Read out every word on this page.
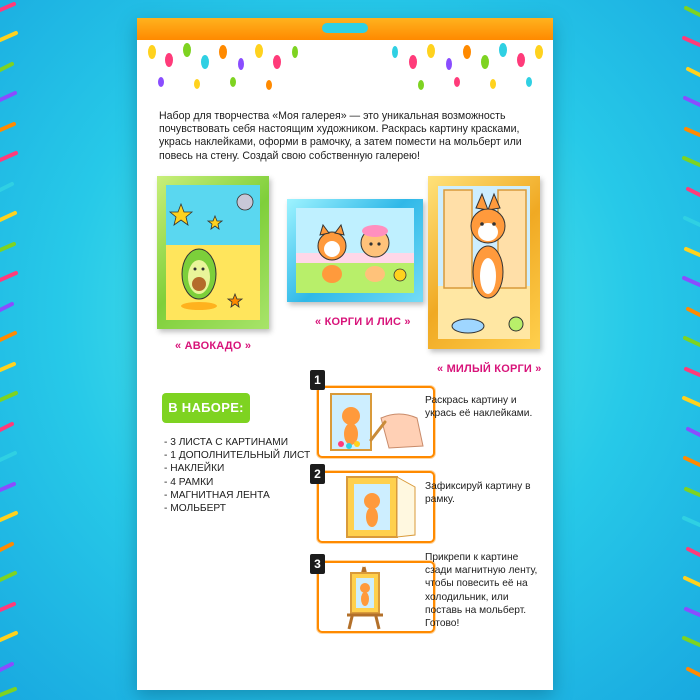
Набор для творчества «Моя галерея» — это уникальная возможность почувствовать себя настоящим художником. Раскрась картину красками, укрась наклейками, оформи в рамочку, а затем помести на мольберт или повесь на стену. Создай свою собственную галерею!
« АВОКАДО »
« КОРГИ И ЛИС »
« МИЛЫЙ КОРГИ »
В НАБОРЕ:
- 3 ЛИСТА С КАРТИНАМИ
- 1 ДОПОЛНИТЕЛЬНЫЙ ЛИСТ
- НАКЛЕЙКИ
- 4 РАМКИ
- МАГНИТНАЯ ЛЕНТА
- МОЛЬБЕРТ
1
Раскрась картину и укрась её наклейками.
2
Зафиксируй картину в рамку.
3	Прикрепи к картине сзади магнитную ленту, чтобы повесить её на холодильник, или поставь на мольберт. Готово!
